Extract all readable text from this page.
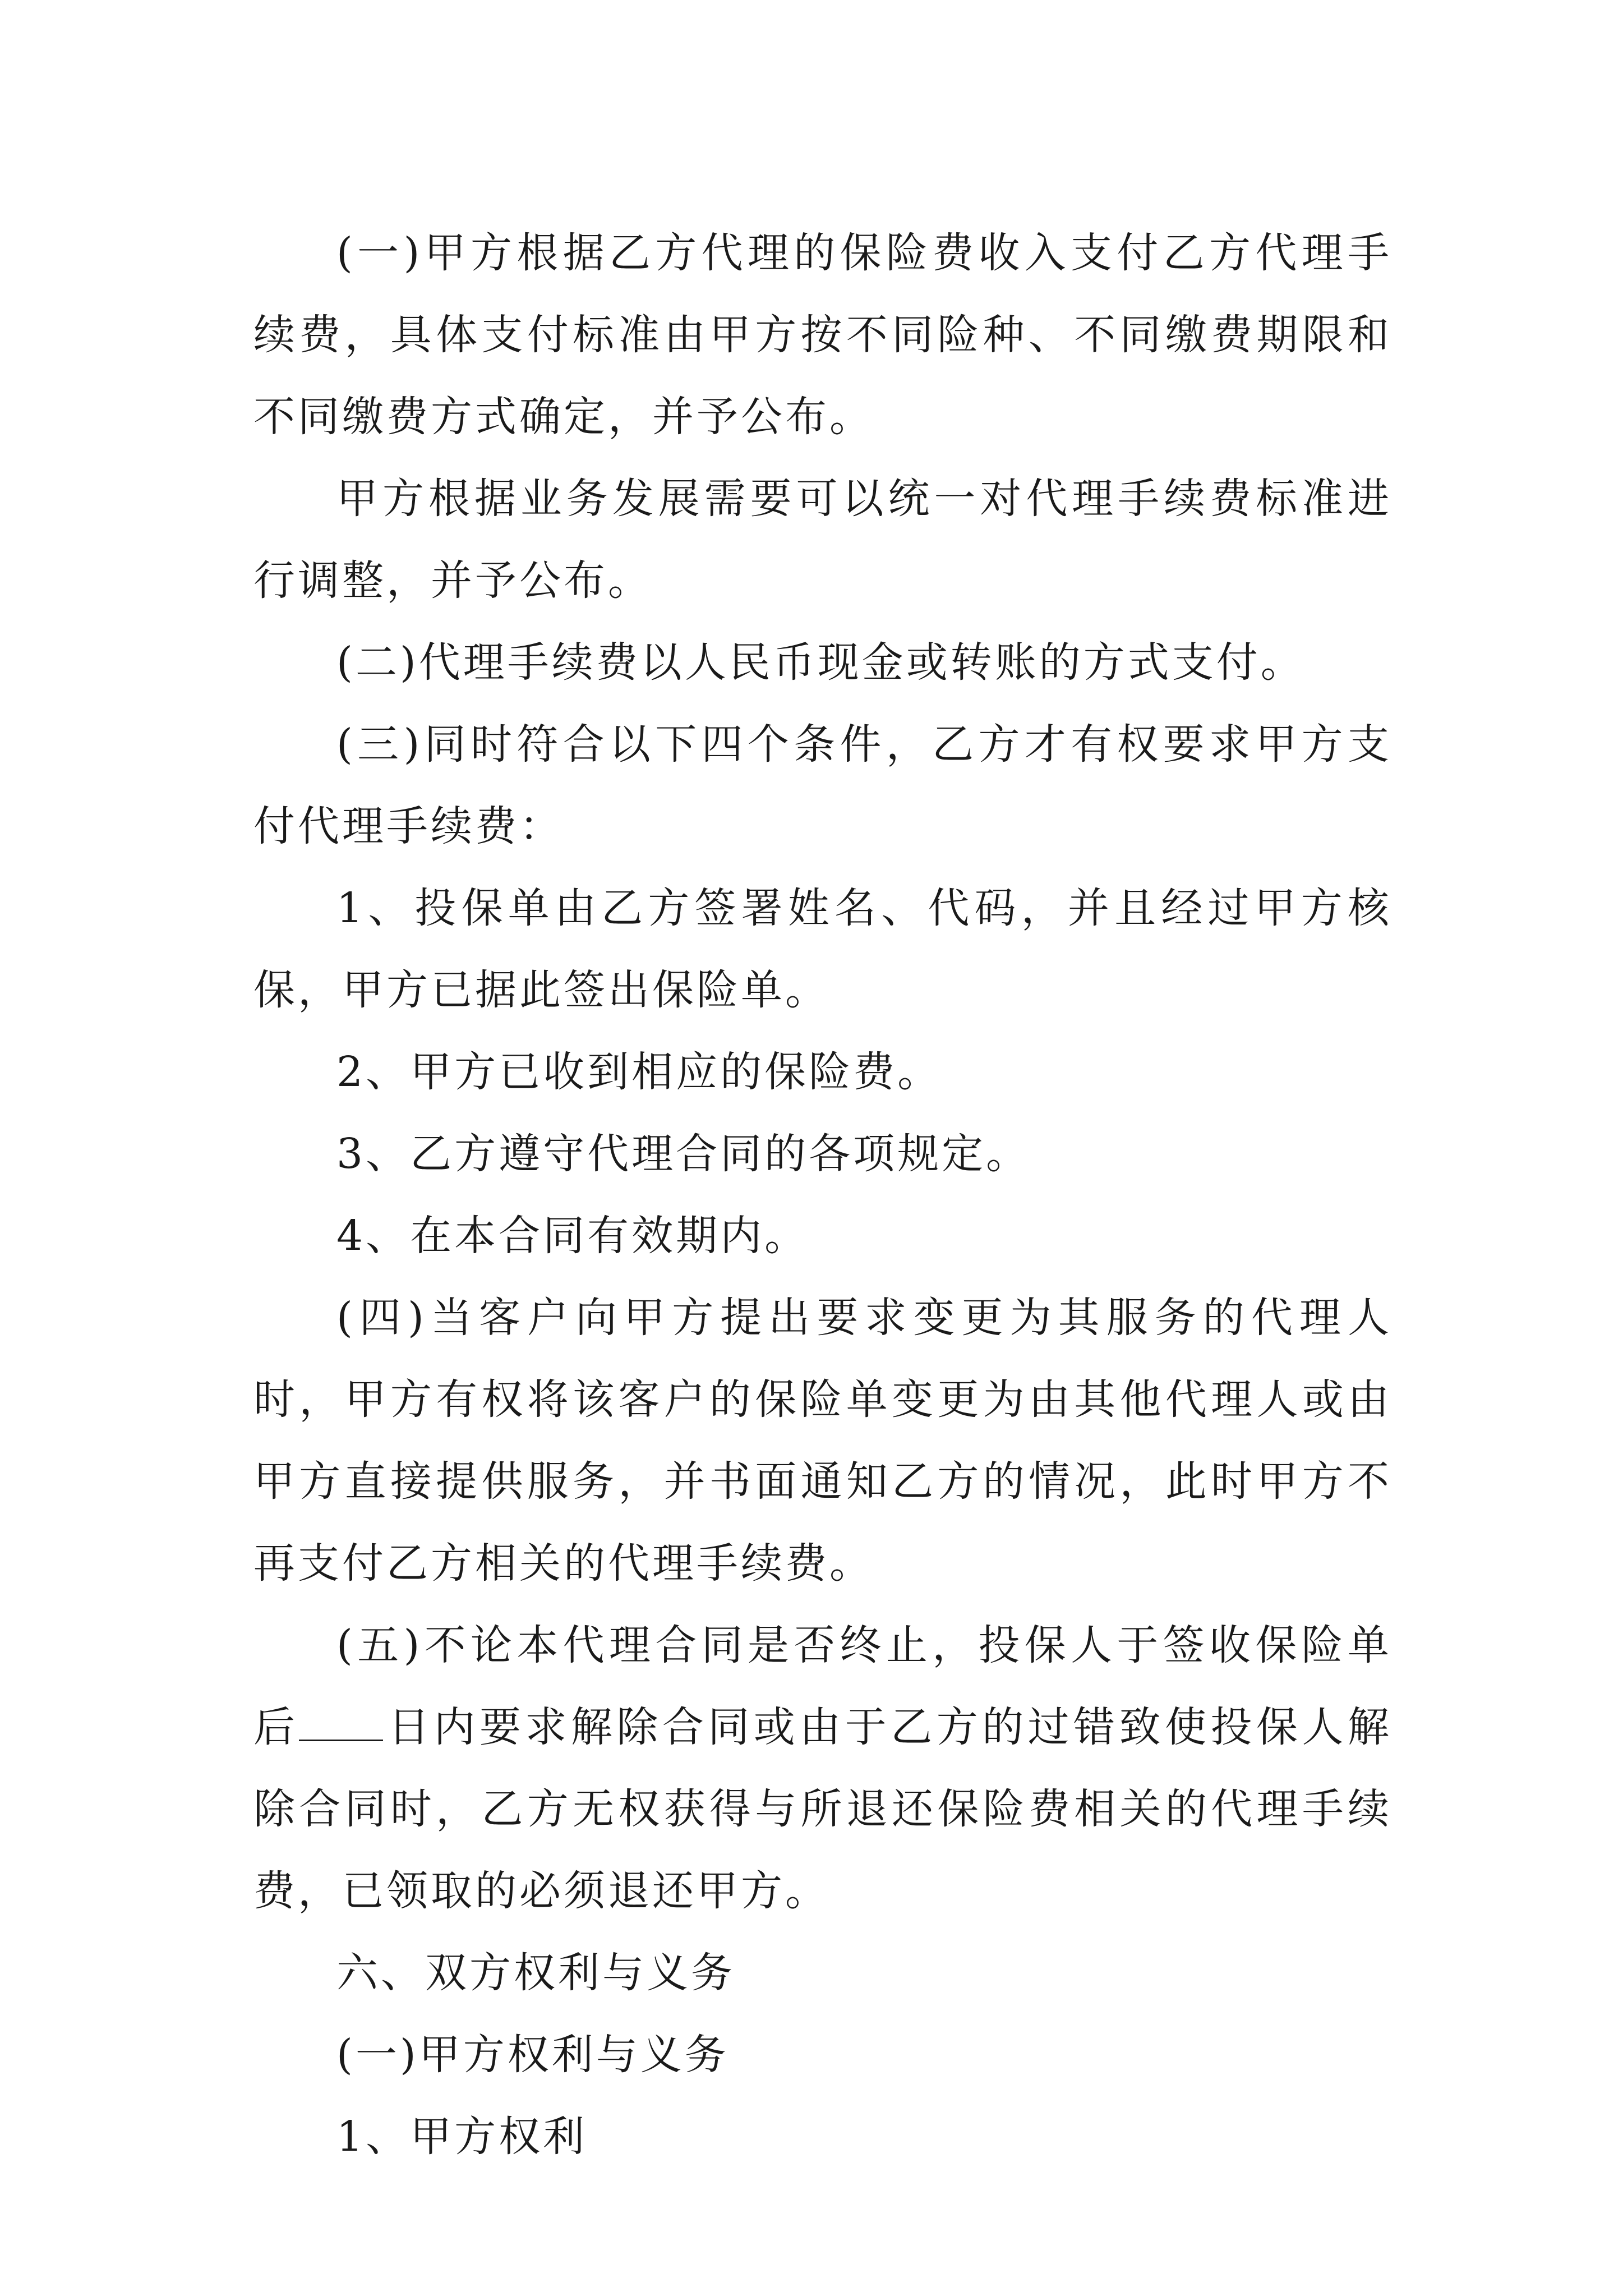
(一)甲方根据乙方代理的保险费收入支付乙方代理手续费，具体支付标准由甲方按不同险种、不同缴费期限和不同缴费方式确定，并予公布。

甲方根据业务发展需要可以统一对代理手续费标准进行调整，并予公布。

(二)代理手续费以人民币现金或转账的方式支付。

(三)同时符合以下四个条件，乙方才有权要求甲方支付代理手续费：

1、投保单由乙方签署姓名、代码，并且经过甲方核保，甲方已据此签出保险单。

2、甲方已收到相应的保险费。

3、乙方遵守代理合同的各项规定。

4、在本合同有效期内。

(四)当客户向甲方提出要求变更为其服务的代理人时，甲方有权将该客户的保险单变更为由其他代理人或由甲方直接提供服务，并书面通知乙方的情况，此时甲方不再支付乙方相关的代理手续费。

(五)不论本代理合同是否终止，投保人于签收保险单后 日内要求解除合同或由于乙方的过错致使投保人解除合同时，乙方无权获得与所退还保险费相关的代理手续费，已领取的必须退还甲方。

六、双方权利与义务

(一)甲方权利与义务

1、甲方权利
